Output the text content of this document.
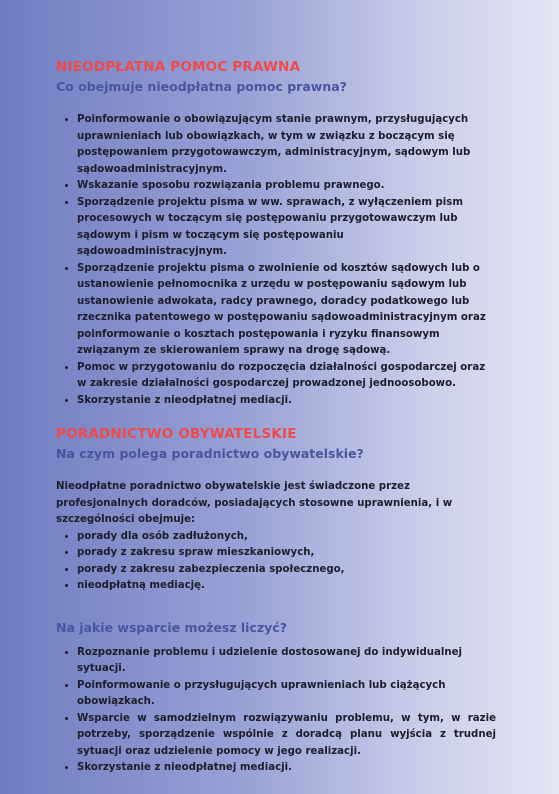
NIEODPŁATNA POMOC PRAWNA
Co obejmuje nieodpłatna pomoc prawna?
• Poinformowanie o obowiązującym stanie prawnym, przysługujących uprawnieniach lub obowiązkach, w tym w związku z boczącym się postępowaniem przygotowawczym, administracyjnym, sądowym lub sądowoadministracyjnym.
• Wskazanie sposobu rozwiązania problemu prawnego.
• Sporządzenie projektu pisma w ww. sprawach, z wyłączeniem pism procesowych w toczącym się postępowaniu przygotowawczym lub sądowym i pism w toczącym się postępowaniu sądowoadministracyjnym.
• Sporządzenie projektu pisma o zwolnienie od kosztów sądowych lub o ustanowienie pełnomocnika z urzędu w postępowaniu sądowym lub ustanowienie adwokata, radcy prawnego, doradcy podatkowego lub rzecznika patentowego w postępowaniu sądowoadministracyjnym oraz poinformowanie o kosztach postępowania i ryzyku finansowym związanym ze skierowaniem sprawy na drogę sądową.
• Pomoc w przygotowaniu do rozpoczęcia działalności gospodarczej oraz w zakresie działalności gospodarczej prowadzonej jednoosobowo.
• Skorzystanie z nieodpłatnej mediacji.
PORADNICTWO OBYWATELSKIE
Na czym polega poradnictwo obywatelskie?

Nieodpłatne poradnictwo obywatelskie jest świadczone przez profesjonalnych doradców, posiadających stosowne uprawnienia, i w szczególności obejmuje:

• porady dla osób zadłużonych,
• porady z zakresu spraw mieszkaniowych,
• porady z zakresu zabezpieczenia społecznego,
• nieodpłatną mediację.
Na jakie wsparcie możesz liczyć?
• Rozpoznanie problemu i udzielenie dostosowanej do indywidualnej sytuacji.
• Poinformowanie o przysługujących uprawnieniach lub ciążących obowiązkach.
• Wsparcie w samodzielnym rozwiązywaniu problemu, w tym, w razie potrzeby, sporządzenie wspólnie z doradcą planu wyjścia z trudnej sytuacji oraz udzielenie pomocy w jego realizacji.
• Skorzystanie z nieodpłatnej mediacji.
